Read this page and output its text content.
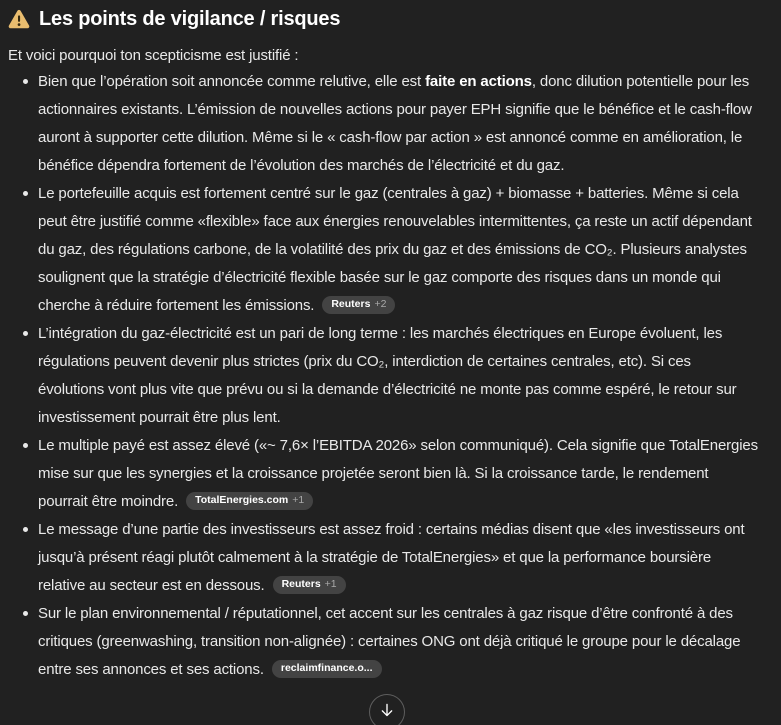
Les points de vigilance / risques

Et voici pourquoi ton scepticisme est justifié :

Bien que l’opération soit annoncée comme relutive, elle est faite en actions, donc dilution potentielle pour les actionnaires existants. L’émission de nouvelles actions pour payer EPH signifie que le bénéfice et le cash-flow auront à supporter cette dilution. Même si le « cash-flow par action » est annoncé comme en amélioration, le bénéfice dépendra fortement de l’évolution des marchés de l’électricité et du gaz.
Le portefeuille acquis est fortement centré sur le gaz (centrales à gaz) + biomasse + batteries. Même si cela peut être justifié comme «flexible» face aux énergies renouvelables intermittentes, ça reste un actif dépendant du gaz, des régulations carbone, de la volatilité des prix du gaz et des émissions de CO₂. Plusieurs analystes soulignent que la stratégie d’électricité flexible basée sur le gaz comporte des risques dans un monde qui cherche à réduire fortement les émissions. Reuters +2
L’intégration du gaz-électricité est un pari de long terme : les marchés électriques en Europe évoluent, les régulations peuvent devenir plus strictes (prix du CO₂, interdiction de certaines centrales, etc). Si ces évolutions vont plus vite que prévu ou si la demande d’électricité ne monte pas comme espéré, le retour sur investissement pourrait être plus lent.
Le multiple payé est assez élevé («~ 7,6× l’EBITDA 2026» selon communiqué). Cela signifie que TotalEnergies mise sur que les synergies et la croissance projetée seront bien là. Si la croissance tarde, le rendement pourrait être moindre. TotalEnergies.com +1
Le message d’une partie des investisseurs est assez froid : certains médias disent que «les investisseurs ont jusqu’à présent réagi plutôt calmement à la stratégie de TotalEnergies» et que la performance boursière relative au secteur est en dessous. Reuters +1
Sur le plan environnemental / réputationnel, cet accent sur les centrales à gaz risque d’être confronté à des critiques (greenwashing, transition non-alignée) : certaines ONG ont déjà critiqué le groupe pour le décalage entre ses annonces et ses actions. reclaimfinance.o...
